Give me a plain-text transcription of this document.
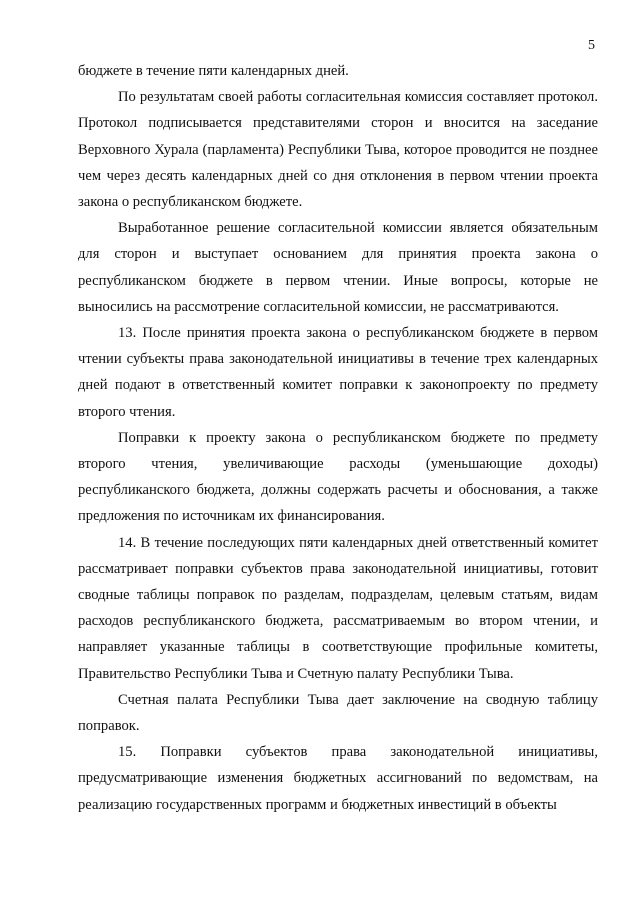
5

бюджете в течение пяти календарных дней.

По результатам своей работы согласительная комиссия составляет протокол. Протокол подписывается представителями сторон и вносится на заседание Верховного Хурала (парламента) Республики Тыва, которое проводится не позднее чем через десять календарных дней со дня отклонения в первом чтении проекта закона о республиканском бюджете.

Выработанное решение согласительной комиссии является обязательным для сторон и выступает основанием для принятия проекта закона о республиканском бюджете в первом чтении. Иные вопросы, которые не выносились на рассмотрение согласительной комиссии, не рассматриваются.

13. После принятия проекта закона о республиканском бюджете в первом чтении субъекты права законодательной инициативы в течение трех календарных дней подают в ответственный комитет поправки к законопроекту по предмету второго чтения.

Поправки к проекту закона о республиканском бюджете по предмету второго чтения, увеличивающие расходы (уменьшающие доходы) республиканского бюджета, должны содержать расчеты и обоснования, а также предложения по источникам их финансирования.

14. В течение последующих пяти календарных дней ответственный комитет рассматривает поправки субъектов права законодательной инициативы, готовит сводные таблицы поправок по разделам, подразделам, целевым статьям, видам расходов республиканского бюджета, рассматриваемым во втором чтении, и направляет указанные таблицы в соответствующие профильные комитеты, Правительство Республики Тыва и Счетную палату Республики Тыва.

Счетная палата Республики Тыва дает заключение на сводную таблицу поправок.

15. Поправки субъектов права законодательной инициативы, предусматривающие изменения бюджетных ассигнований по ведомствам, на реализацию государственных программ и бюджетных инвестиций в объекты
